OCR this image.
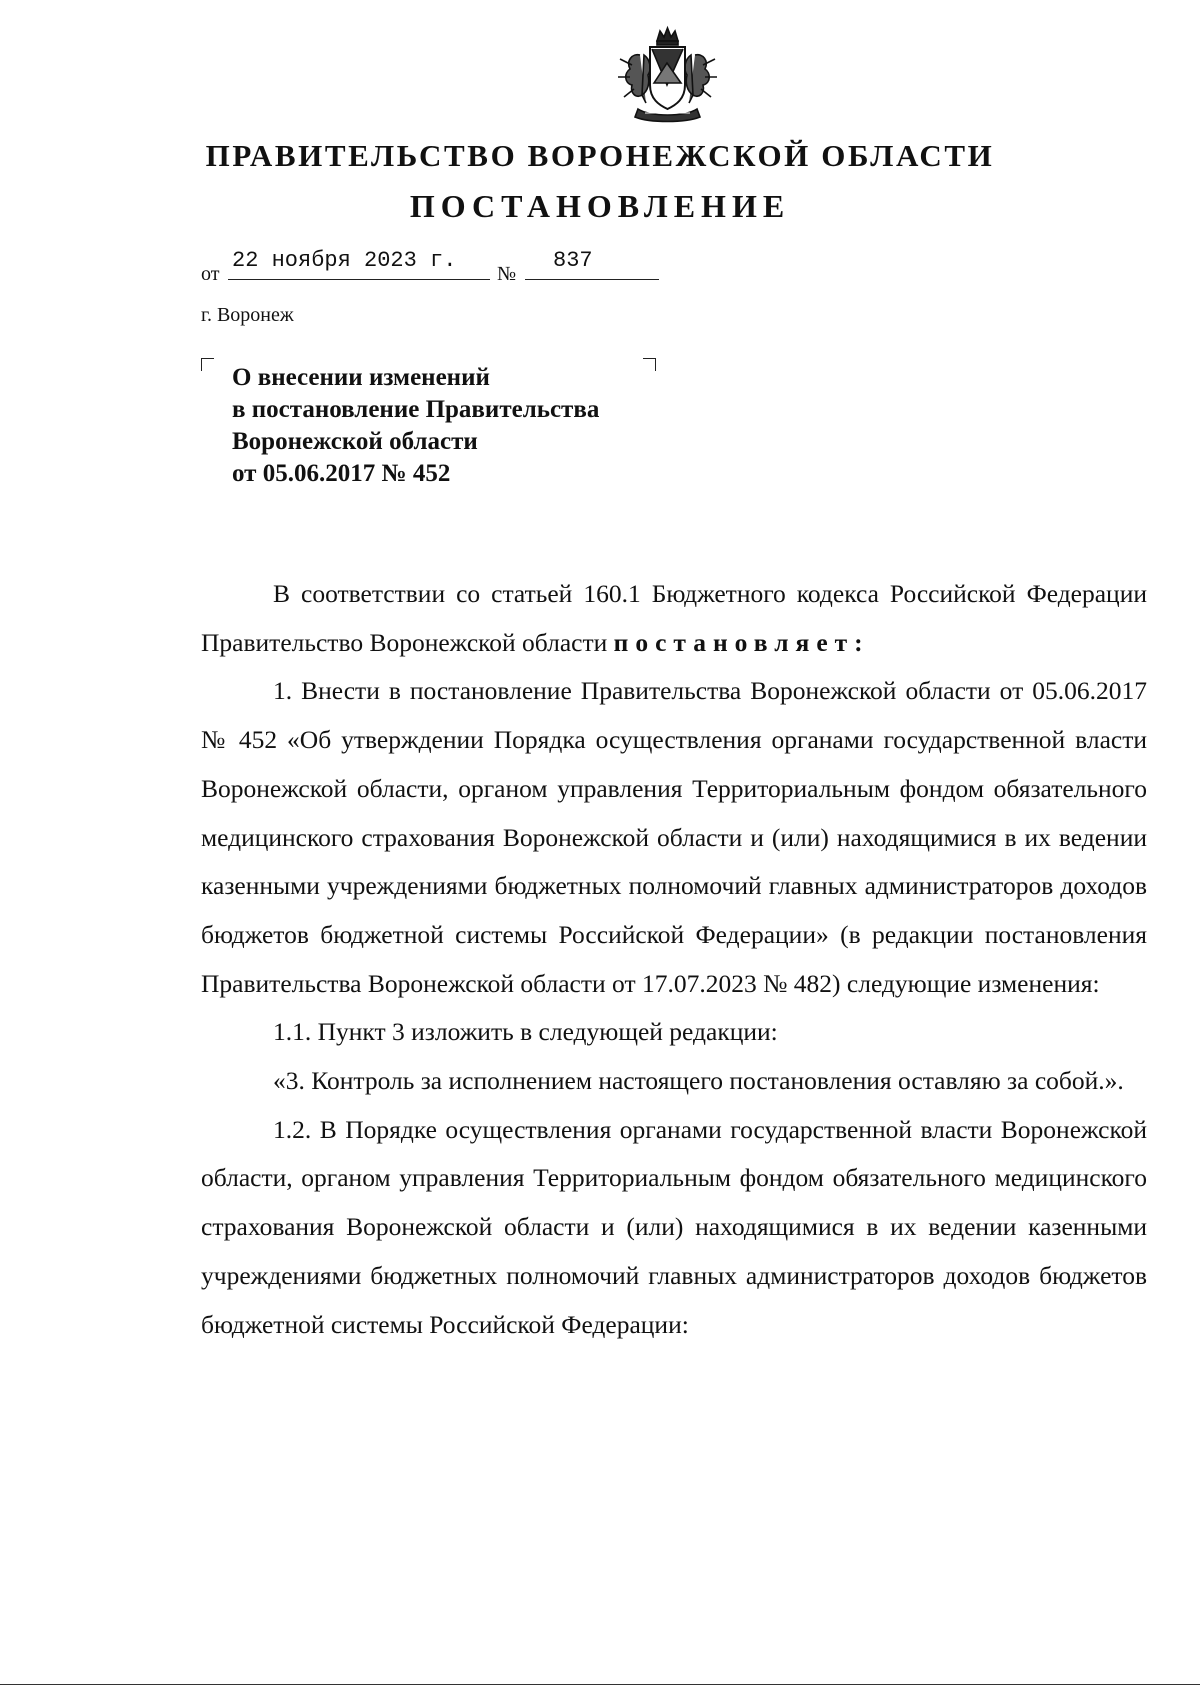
ПРАВИТЕЛЬСТВО ВОРОНЕЖСКОЙ ОБЛАСТИ
ПОСТАНОВЛЕНИЕ
от
22 ноября 2023 г.
№
837
г. Воронеж
О внесении изменений
в постановление Правительства
Воронежской области
от 05.06.2017 № 452

В соответствии со статьей 160.1 Бюджетного кодекса Российской Федерации Правительство Воронежской области постановляет:

1. Внести в постановление Правительства Воронежской области от 05.06.2017 № 452 «Об утверждении Порядка осуществления органами государственной власти Воронежской области, органом управления Территориальным фондом обязательного медицинского страхования Воронежской области и (или) находящимися в их ведении казенными учреждениями бюджетных полномочий главных администраторов доходов бюджетов бюджетной системы Российской Федерации» (в редакции постановления Правительства Воронежской области от 17.07.2023 № 482) следующие изменения:

1.1. Пункт 3 изложить в следующей редакции:

«3. Контроль за исполнением настоящего постановления оставляю за собой.».

1.2. В Порядке осуществления органами государственной власти Воронежской области, органом управления Территориальным фондом обязательного медицинского страхования Воронежской области и (или) находящимися в их ведении казенными учреждениями бюджетных полномочий главных администраторов доходов бюджетов бюджетной системы Российской Федерации:
